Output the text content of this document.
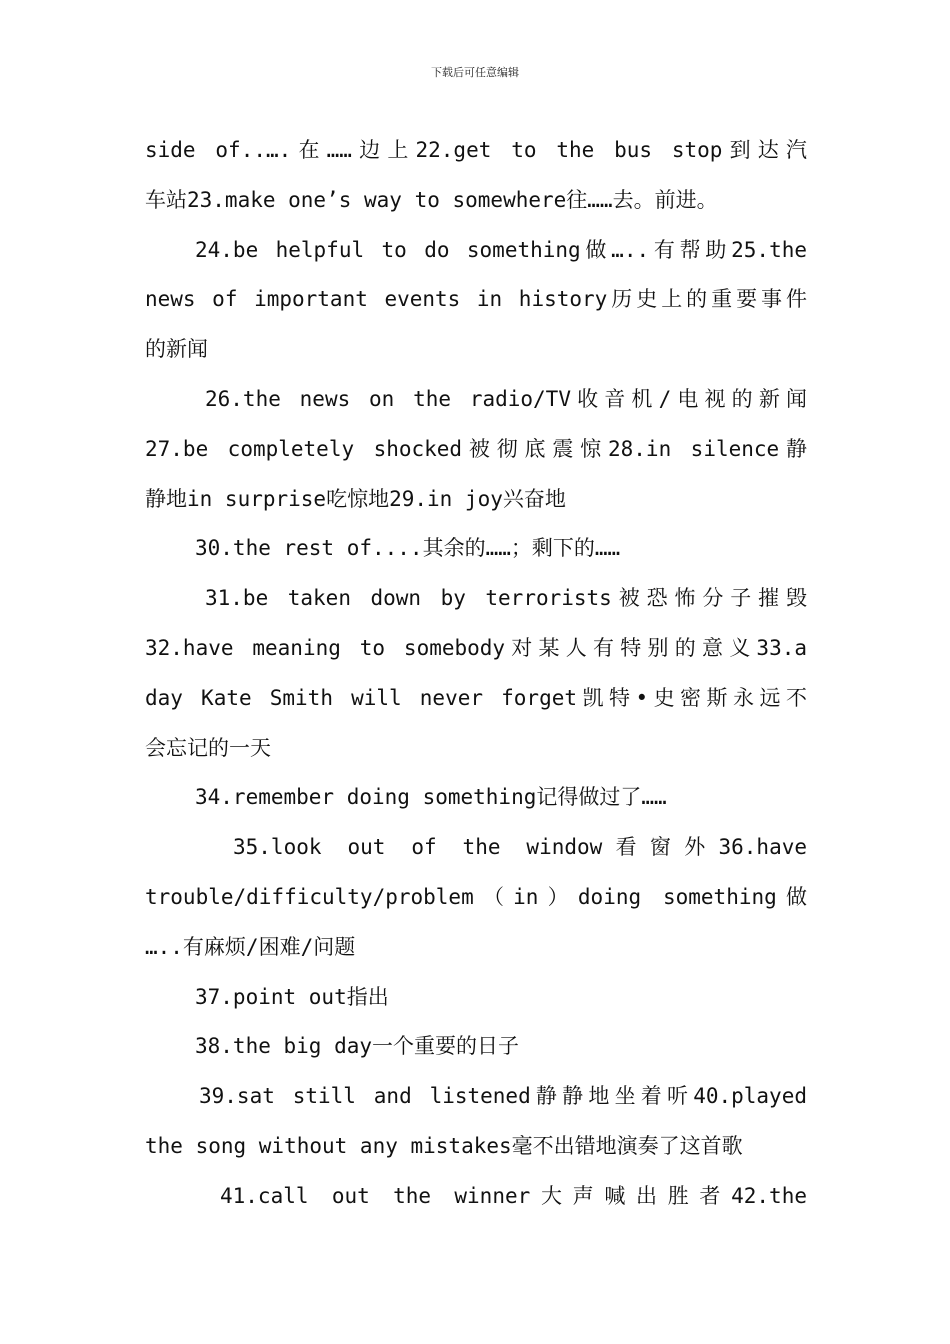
下载后可任意编辑
side of..….在……边上22.get to the bus stop到达汽
车站23.make one’s way to somewhere往……去。前进。
24.be helpful to do something做…..有帮助25.the
news of important events in history历史上的重要事件
的新闻
26.the news on the radio/TV收音机/电视的新闻
27.be completely shocked被彻底震惊28.in silence静
静地in surprise吃惊地29.in joy兴奋地
30.the rest of....其余的……；剩下的……
31.be taken down by terrorists被恐怖分子摧毁
32.have meaning to somebody对某人有特别的意义33.a
day Kate Smith will never forget凯特•史密斯永远不
会忘记的一天
34.remember doing something记得做过了……
35.look out of the window看窗外36.have
trouble/difficulty/problem（in）doing something做
…..有麻烦/困难/问题
37.point out指出
38.the big day一个重要的日子
39.sat still and listened静静地坐着听40.played
the song without any mistakes毫不出错地演奏了这首歌
41.call out the winner大声喊出胜者42.the
